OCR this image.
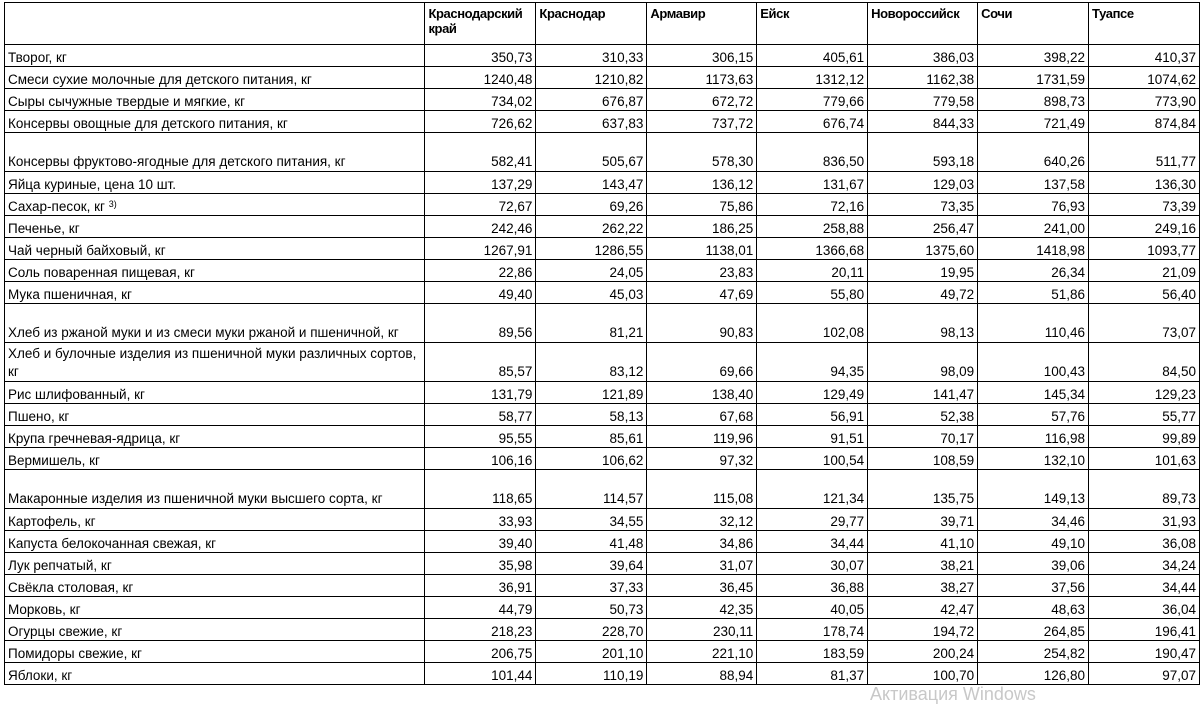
	Краснодарский край	Краснодар	Армавир	Ейск	Новороссийск	Сочи	Туапсе
Творог, кг	350,73	310,33	306,15	405,61	386,03	398,22	410,37
Смеси сухие молочные для детского питания, кг	1240,48	1210,82	1173,63	1312,12	1162,38	1731,59	1074,62
Сыры сычужные твердые и мягкие, кг	734,02	676,87	672,72	779,66	779,58	898,73	773,90
Консервы овощные для детского питания, кг	726,62	637,83	737,72	676,74	844,33	721,49	874,84
Консервы фруктово-ягодные для детского питания, кг	582,41	505,67	578,30	836,50	593,18	640,26	511,77
Яйца куриные, цена 10 шт.	137,29	143,47	136,12	131,67	129,03	137,58	136,30
Сахар-песок, кг $^{3)}$	72,67	69,26	75,86	72,16	73,35	76,93	73,39
Печенье, кг	242,46	262,22	186,25	258,88	256,47	241,00	249,16
Чай черный байховый, кг	1267,91	1286,55	1138,01	1366,68	1375,60	1418,98	1093,77
Соль поваренная пищевая, кг	22,86	24,05	23,83	20,11	19,95	26,34	21,09
Мука пшеничная, кг	49,40	45,03	47,69	55,80	49,72	51,86	56,40
Хлеб из ржаной муки и из смеси муки ржаной и пшеничной, кг	89,56	81,21	90,83	102,08	98,13	110,46	73,07
Хлеб и булочные изделия из пшеничной муки различных сортов, кг	85,57	83,12	69,66	94,35	98,09	100,43	84,50
Рис шлифованный, кг	131,79	121,89	138,40	129,49	141,47	145,34	129,23
Пшено, кг	58,77	58,13	67,68	56,91	52,38	57,76	55,77
Крупа гречневая-ядрица, кг	95,55	85,61	119,96	91,51	70,17	116,98	99,89
Вермишель, кг	106,16	106,62	97,32	100,54	108,59	132,10	101,63
Макаронные изделия из пшеничной муки высшего сорта, кг	118,65	114,57	115,08	121,34	135,75	149,13	89,73
Картофель, кг	33,93	34,55	32,12	29,77	39,71	34,46	31,93
Капуста белокочанная свежая, кг	39,40	41,48	34,86	34,44	41,10	49,10	36,08
Лук репчатый, кг	35,98	39,64	31,07	30,07	38,21	39,06	34,24
Свёкла столовая, кг	36,91	37,33	36,45	36,88	38,27	37,56	34,44
Морковь, кг	44,79	50,73	42,35	40,05	42,47	48,63	36,04
Огурцы свежие, кг	218,23	228,70	230,11	178,74	194,72	264,85	196,41
Помидоры свежие, кг	206,75	201,10	221,10	183,59	200,24	254,82	190,47
Яблоки, кг	101,44	110,19	88,94	81,37	100,70	126,80	97,07
Активация Windows
